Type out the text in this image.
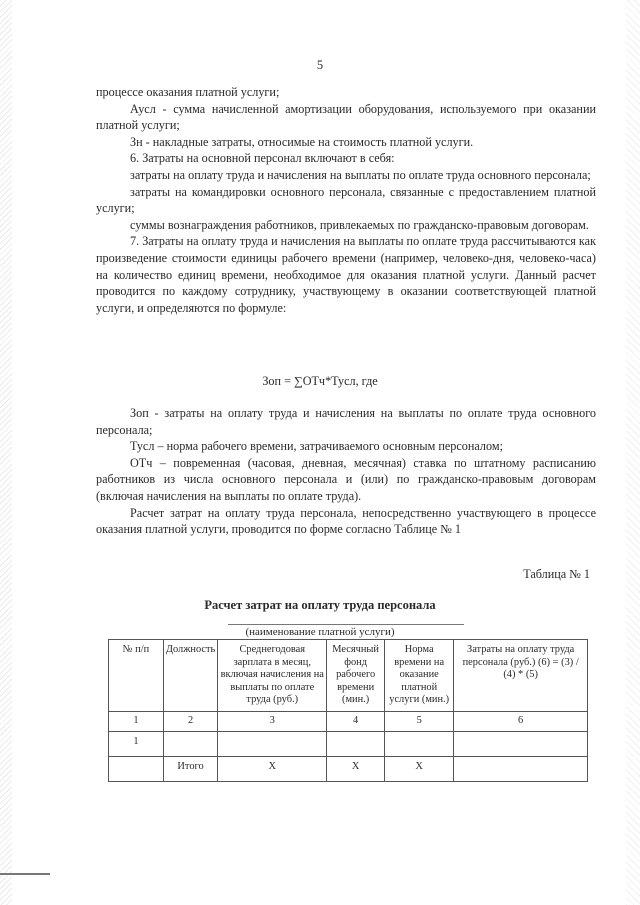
5

процессе оказания платной услуги;

Аусл - сумма начисленной амортизации оборудования, используемого при оказании платной услуги;

Зн - накладные затраты, относимые на стоимость платной услуги.

6. Затраты на основной персонал включают в себя:

затраты на оплату труда и начисления на выплаты по оплате труда основного персонала;

затраты на командировки основного персонала, связанные с предоставлением платной услуги;

суммы вознаграждения работников, привлекаемых по гражданско-правовым договорам.

7. Затраты на оплату труда и начисления на выплаты по оплате труда рассчитываются как произведение стоимости единицы рабочего времени (например, человеко-дня, человеко-часа) на количество единиц времени, необходимое для оказания платной услуги. Данный расчет проводится по каждому сотруднику, участвующему в оказании соответствующей платной услуги, и определяются по формуле:

Зоп = ∑ОТч*Тусл, где

Зоп - затраты на оплату труда и начисления на выплаты по оплате труда основного персонала;

Тусл – норма рабочего времени, затрачиваемого основным персоналом;

ОТч – повременная (часовая, дневная, месячная) ставка по штатному расписанию работников из числа основного персонала и (или) по гражданско-правовым договорам (включая начисления на выплаты по оплате труда).

Расчет затрат на оплату труда персонала, непосредственно участвующего в процессе оказания платной услуги, проводится по форме согласно Таблице № 1

Таблица № 1
Расчет затрат на оплату труда персонала
(наименование платной услуги)
№ п/п	Должность	Среднегодовая зарплата в месяц, включая начисления на выплаты по оплате труда (руб.)	Месячный фонд рабочего времени (мин.)	Норма времени на оказание платной услуги (мин.)	Затраты на оплату труда персонала (руб.) (6) = (3) / (4) * (5)
1	2	3	4	5	6
1					
	Итого	X	X	X	
